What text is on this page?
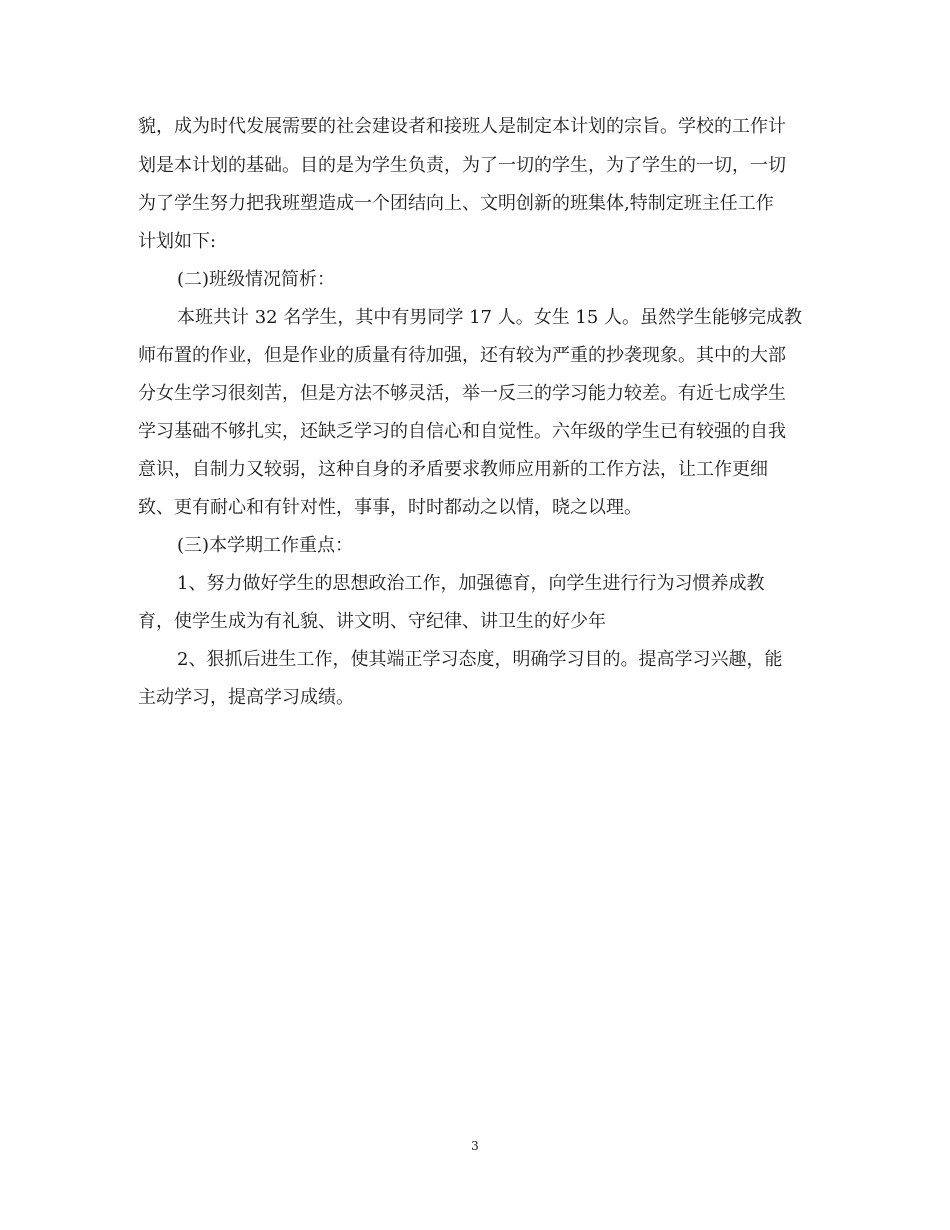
貌，成为时代发展需要的社会建设者和接班人是制定本计划的宗旨。学校的工作计
划是本计划的基础。目的是为学生负责，为了一切的学生，为了学生的一切，一切
为了学生努力把我班塑造成一个团结向上、文明创新的班集体,特制定班主任工作
计划如下:
(二)班级情况简析：
本班共计 32 名学生，其中有男同学 17 人。女生 15 人。虽然学生能够完成教
师布置的作业，但是作业的质量有待加强，还有较为严重的抄袭现象。其中的大部
分女生学习很刻苦，但是方法不够灵活，举一反三的学习能力较差。有近七成学生
学习基础不够扎实，还缺乏学习的自信心和自觉性。六年级的学生已有较强的自我
意识，自制力又较弱，这种自身的矛盾要求教师应用新的工作方法，让工作更细
致、更有耐心和有针对性，事事，时时都动之以情，晓之以理。
(三)本学期工作重点：
1、努力做好学生的思想政治工作，加强德育，向学生进行行为习惯养成教
育，使学生成为有礼貌、讲文明、守纪律、讲卫生的好少年
2、狠抓后进生工作，使其端正学习态度，明确学习目的。提高学习兴趣，能
主动学习，提高学习成绩。
3
